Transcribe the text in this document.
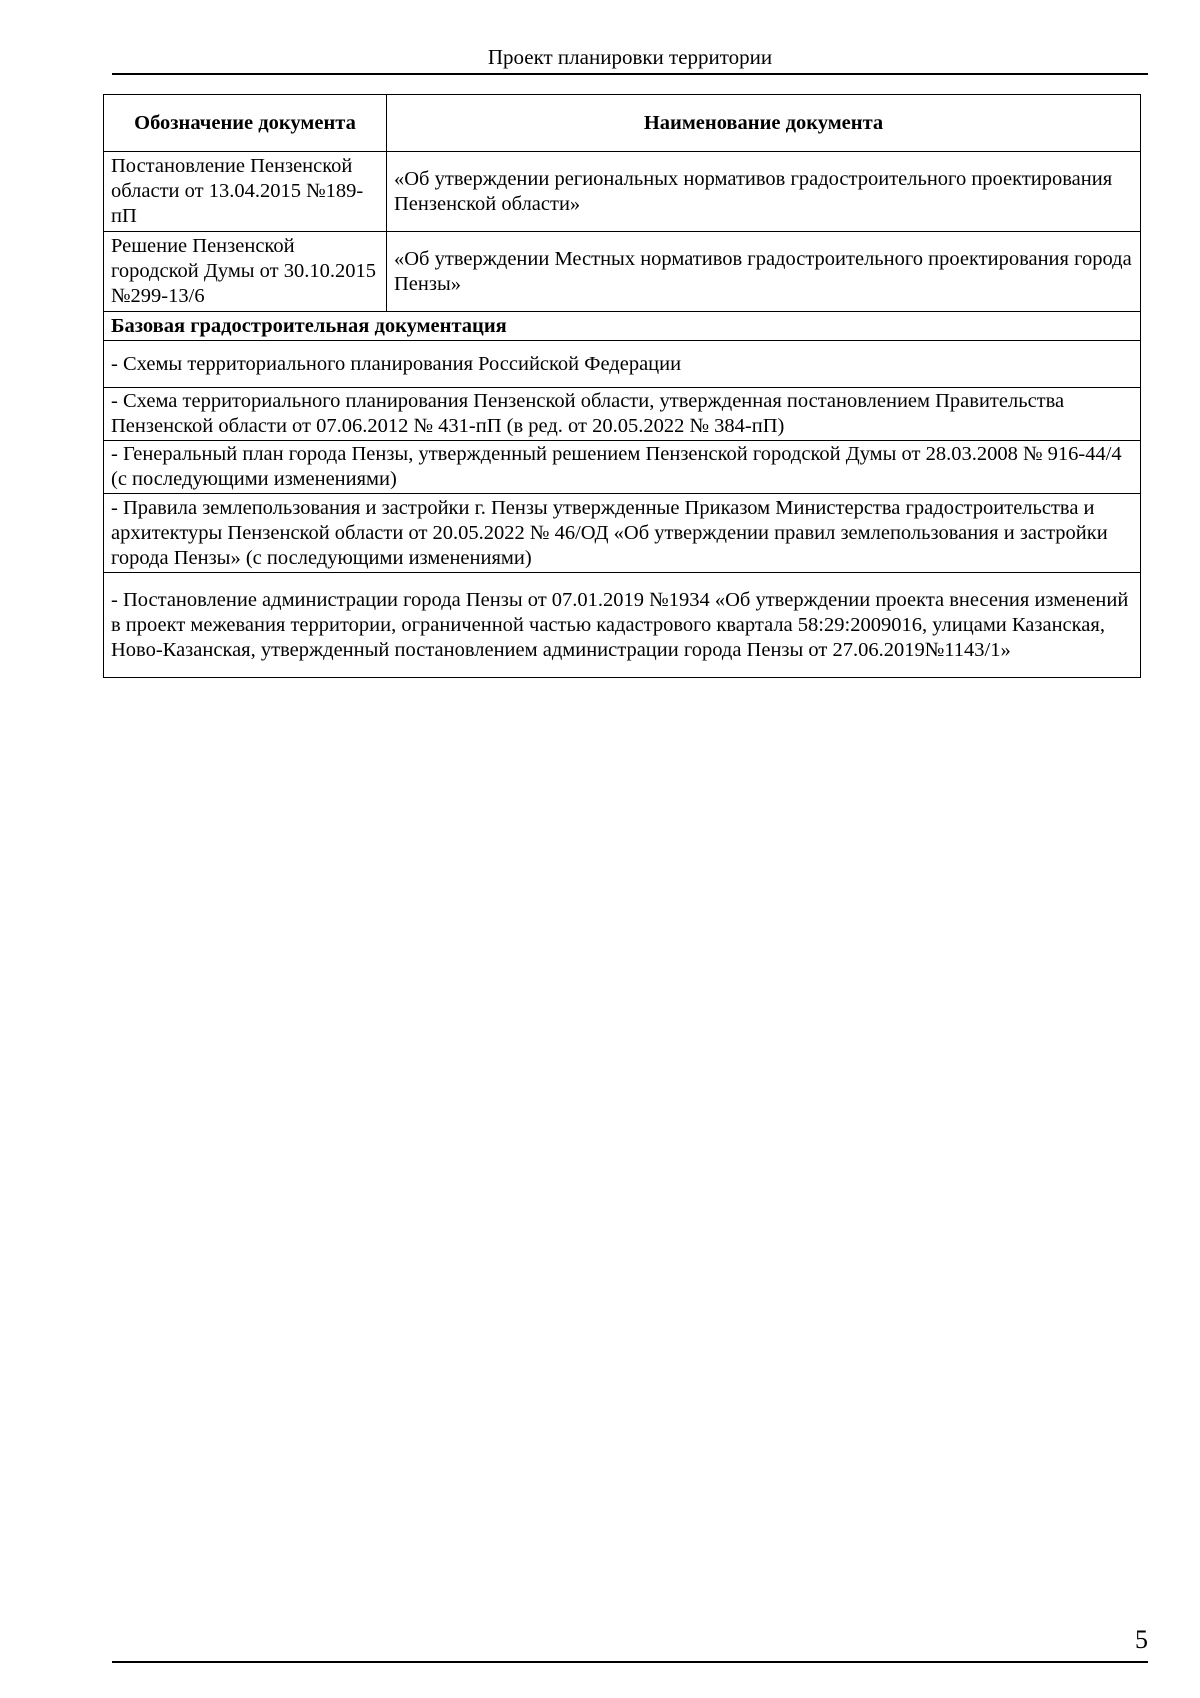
Проект планировки территории
Обозначение документа	Наименование документа
Постановление Пензенской области от 13.04.2015 №189-пП	«Об утверждении региональных нормативов градостроительного проектирования Пензенской области»
Решение Пензенской городской Думы от 30.10.2015 №299-13/6	«Об утверждении Местных нормативов градостроительного проектирования города Пензы»
Базовая градостроительная документация	
- Схемы территориального планирования Российской Федерации	
- Схема территориального планирования Пензенской области, утвержденная постановлением Правительства Пензенской области от 07.06.2012 № 431-пП (в ред. от 20.05.2022 № 384-пП)	
- Генеральный план города Пензы, утвержденный решением Пензенской городской Думы от 28.03.2008 № 916-44/4 (с последующими изменениями)	
- Правила землепользования и застройки г. Пензы утвержденные Приказом Министерства градостроительства и архитектуры Пензенской области от 20.05.2022 № 46/ОД «Об утверждении правил землепользования и застройки города Пензы» (с последующими изменениями)	
- Постановление администрации города Пензы от 07.01.2019 №1934 «Об утверждении проекта внесения изменений в проект межевания территории, ограниченной частью кадастрового квартала 58:29:2009016, улицами Казанская, Ново-Казанская, утвержденный постановлением администрации города Пензы от 27.06.2019№1143/1»	
5
